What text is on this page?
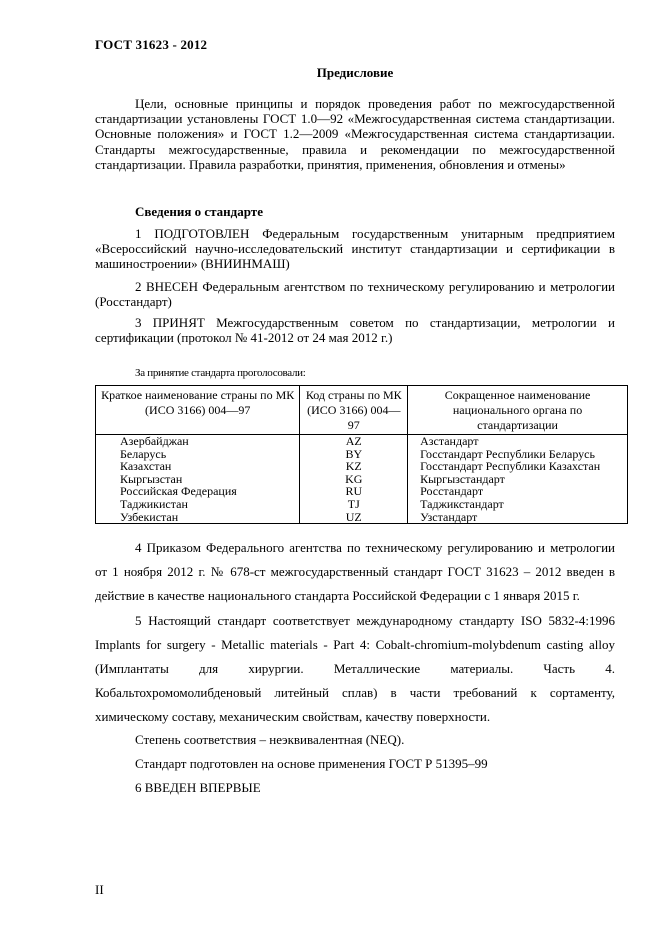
ГОСТ 31623 - 2012
Предисловие

Цели, основные принципы и порядок проведения работ по межгосударственной стандартизации установлены ГОСТ 1.0—92 «Межгосударственная система стандартизации. Основные положения» и ГОСТ 1.2—2009 «Межгосударственная система стандартизации. Стандарты межгосударственные, правила и рекомендации по межгосударственной стандартизации. Правила разработки, принятия, применения, обновления и отмены»

Сведения о стандарте

1 ПОДГОТОВЛЕН Федеральным государственным унитарным предприятием «Всероссийский научно-исследовательский институт стандартизации и сертификации в машиностроении» (ВНИИНМАШ)

2 ВНЕСЕН Федеральным агентством по техническому регулированию и метрологии (Росстандарт)

3 ПРИНЯТ Межгосударственным советом по стандартизации, метрологии и сертификации (протокол № 41-2012 от 24 мая 2012 г.)

За принятие стандарта проголосовали:
Краткое наименование страны по МК (ИСО 3166) 004—97	Код страны по МК (ИСО 3166) 004—97	Сокращенное наименование национального органа по стандартизации
Азербайджан	AZ	Азстандарт
Беларусь	BY	Госстандарт Республики Беларусь
Казахстан	KZ	Госстандарт Республики Казахстан
Кыргызстан	KG	Кыргызстандарт
Российская Федерация	RU	Росстандарт
Таджикистан	TJ	Таджикстандарт
Узбекистан	UZ	Узстандарт

4 Приказом Федерального агентства по техническому регулированию и метрологии от 1 ноября 2012 г. № 678-ст межгосударственный стандарт ГОСТ 31623 – 2012 введен в действие в качестве национального стандарта Российской Федерации с 1 января 2015 г.

5 Настоящий стандарт соответствует международному стандарту ISO 5832-4:1996 Implants for surgery - Metallic materials - Part 4: Cobalt-chromium-molybdenum casting alloy (Имплантаты для хирургии. Металлические материалы. Часть 4. Кобальтохромомолибденовый литейный сплав) в части требований к сортаменту, химическому составу, механическим свойствам, качеству поверхности.

Степень соответствия – неэквивалентная (NEQ).

Стандарт подготовлен на основе применения ГОСТ Р 51395–99

6 ВВЕДЕН ВПЕРВЫЕ

II
